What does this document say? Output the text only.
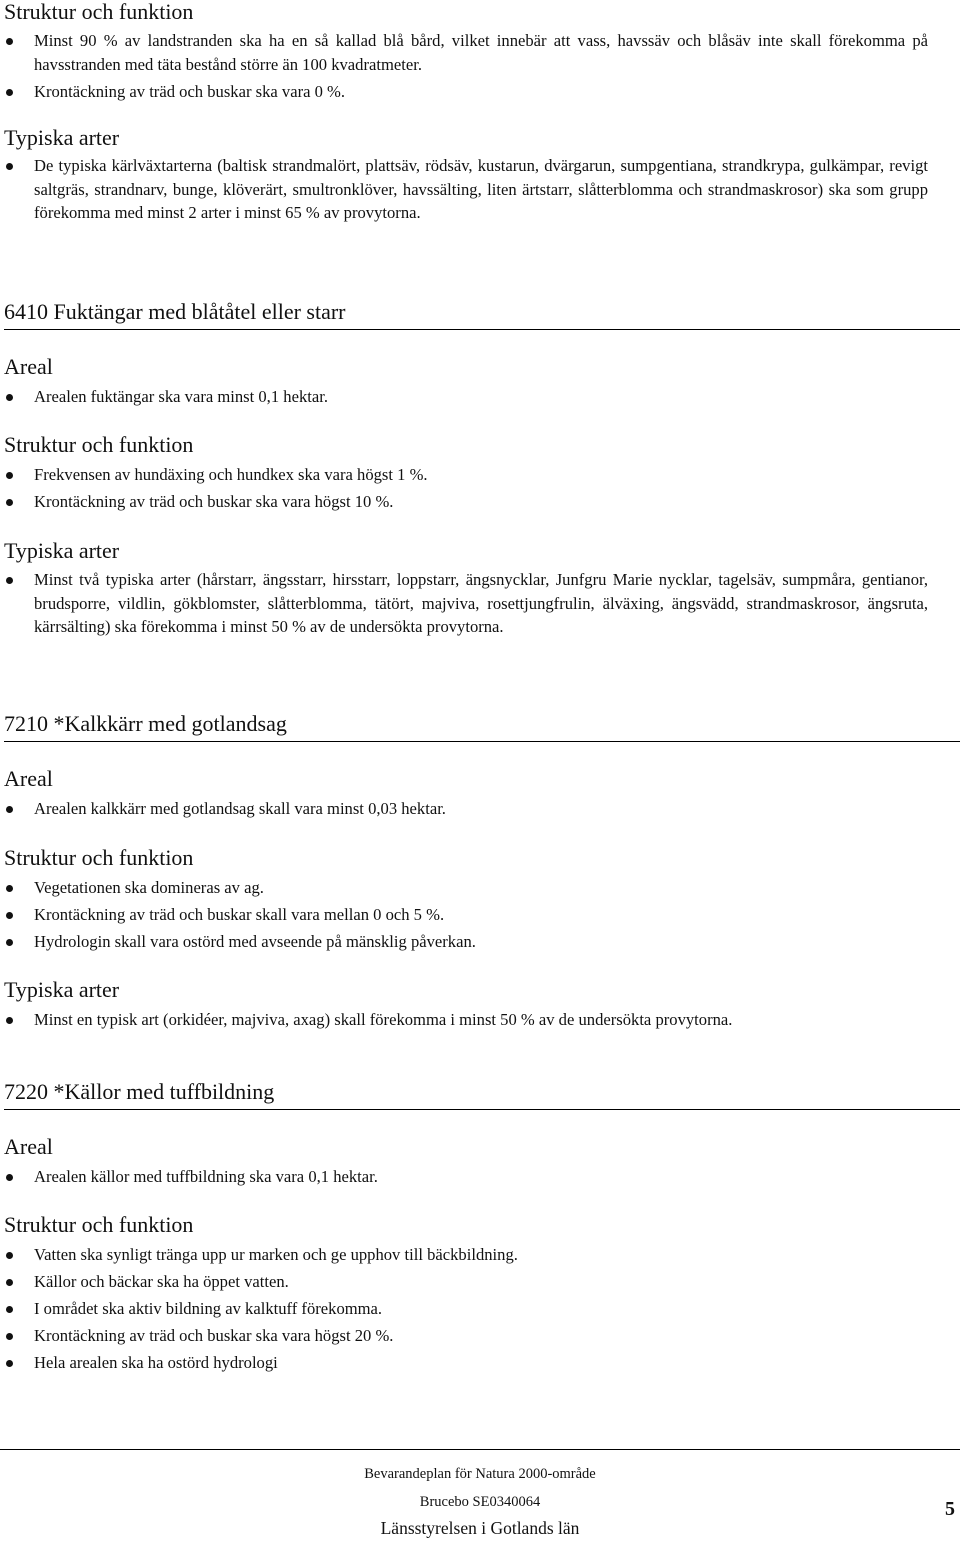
Struktur och funktion
Minst 90 % av landstranden ska ha en så kallad blå bård, vilket innebär att vass, havssäv och blåsäv inte skall förekomma på havsstranden med täta bestånd större än 100 kvadratmeter.
Krontäckning av träd och buskar ska vara 0 %.
Typiska arter
De typiska kärlväxtarterna (baltisk strandmalört, plattsäv, rödsäv, kustarun, dvärgarun, sumpgentiana, strandkrypa, gulkämpar, revigt saltgräs, strandnarv, bunge, klöverärt, smultronklöver, havssälting, liten ärtstarr, slåtterblomma och strandmaskrosor) ska som grupp förekomma med minst 2 arter i minst 65 % av provytorna.
6410 Fuktängar med blåtåtel eller starr
Areal
Arealen fuktängar ska vara minst 0,1 hektar.
Struktur och funktion
Frekvensen av hundäxing och hundkex ska vara högst 1 %.
Krontäckning av träd och buskar ska vara högst 10 %.
Typiska arter
Minst två typiska arter (hårstarr, ängsstarr, hirsstarr, loppstarr, ängsnycklar, Junfgru Marie nycklar, tagelsäv, sumpmåra, gentianor, brudsporre, vildlin, gökblomster, slåtterblomma, tätört, majviva, rosettjungfrulin, älväxing, ängsvädd, strandmaskrosor, ängsruta, kärrsälting) ska förekomma i minst 50 % av de undersökta provytorna.
7210 *Kalkkärr med gotlandsag
Areal
Arealen kalkkärr med gotlandsag skall vara minst 0,03 hektar.
Struktur och funktion
Vegetationen ska domineras av ag.
Krontäckning av träd och buskar skall vara mellan 0 och 5 %.
Hydrologin skall vara ostörd med avseende på mänsklig påverkan.
Typiska arter
Minst en typisk art (orkidéer, majviva, axag) skall förekomma i minst 50 % av de undersökta provytorna.
7220 *Källor med tuffbildning
Areal
Arealen källor med tuffbildning ska vara 0,1 hektar.
Struktur och funktion
Vatten ska synligt tränga upp ur marken och ge upphov till bäckbildning.
Källor och bäckar ska ha öppet vatten.
I området ska aktiv bildning av kalktuff förekomma.
Krontäckning av träd och buskar ska vara högst 20 %.
Hela arealen ska ha ostörd hydrologi
Bevarandeplan för Natura 2000-område
Brucebo SE0340064
Länsstyrelsen i Gotlands län
5
